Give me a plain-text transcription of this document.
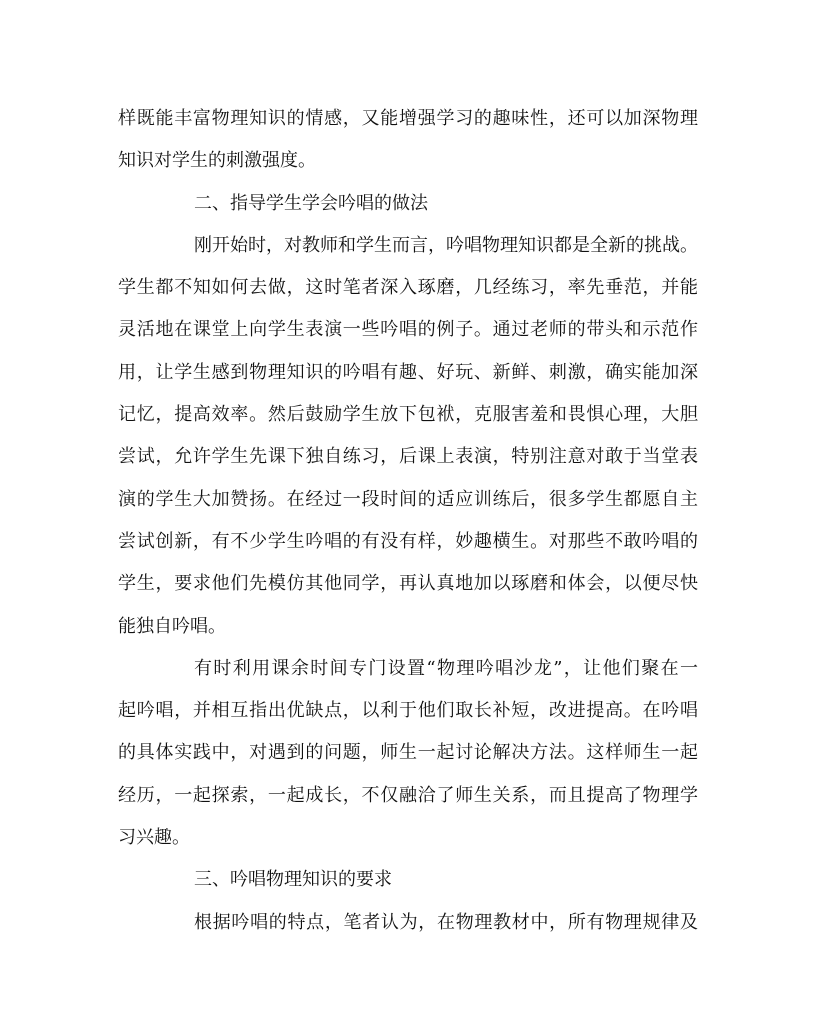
样既能丰富物理知识的情感，又能增强学习的趣味性，还可以加深物理
知识对学生的刺激强度。
二、指导学生学会吟唱的做法
刚开始时，对教师和学生而言，吟唱物理知识都是全新的挑战。
学生都不知如何去做，这时笔者深入琢磨，几经练习，率先垂范，并能
灵活地在课堂上向学生表演一些吟唱的例子。通过老师的带头和示范作
用，让学生感到物理知识的吟唱有趣、好玩、新鲜、刺激，确实能加深
记忆，提高效率。然后鼓励学生放下包袱，克服害羞和畏惧心理，大胆
尝试，允许学生先课下独自练习，后课上表演，特别注意对敢于当堂表
演的学生大加赞扬。在经过一段时间的适应训练后，很多学生都愿自主
尝试创新，有不少学生吟唱的有没有样，妙趣横生。对那些不敢吟唱的
学生，要求他们先模仿其他同学，再认真地加以琢磨和体会，以便尽快
能独自吟唱。
有时利用课余时间专门设置“物理吟唱沙龙”，让他们聚在一
起吟唱，并相互指出优缺点，以利于他们取长补短，改进提高。在吟唱
的具体实践中，对遇到的问题，师生一起讨论解决方法。这样师生一起
经历，一起探索，一起成长，不仅融洽了师生关系，而且提高了物理学
习兴趣。
三、吟唱物理知识的要求
根据吟唱的特点，笔者认为，在物理教材中，所有物理规律及
